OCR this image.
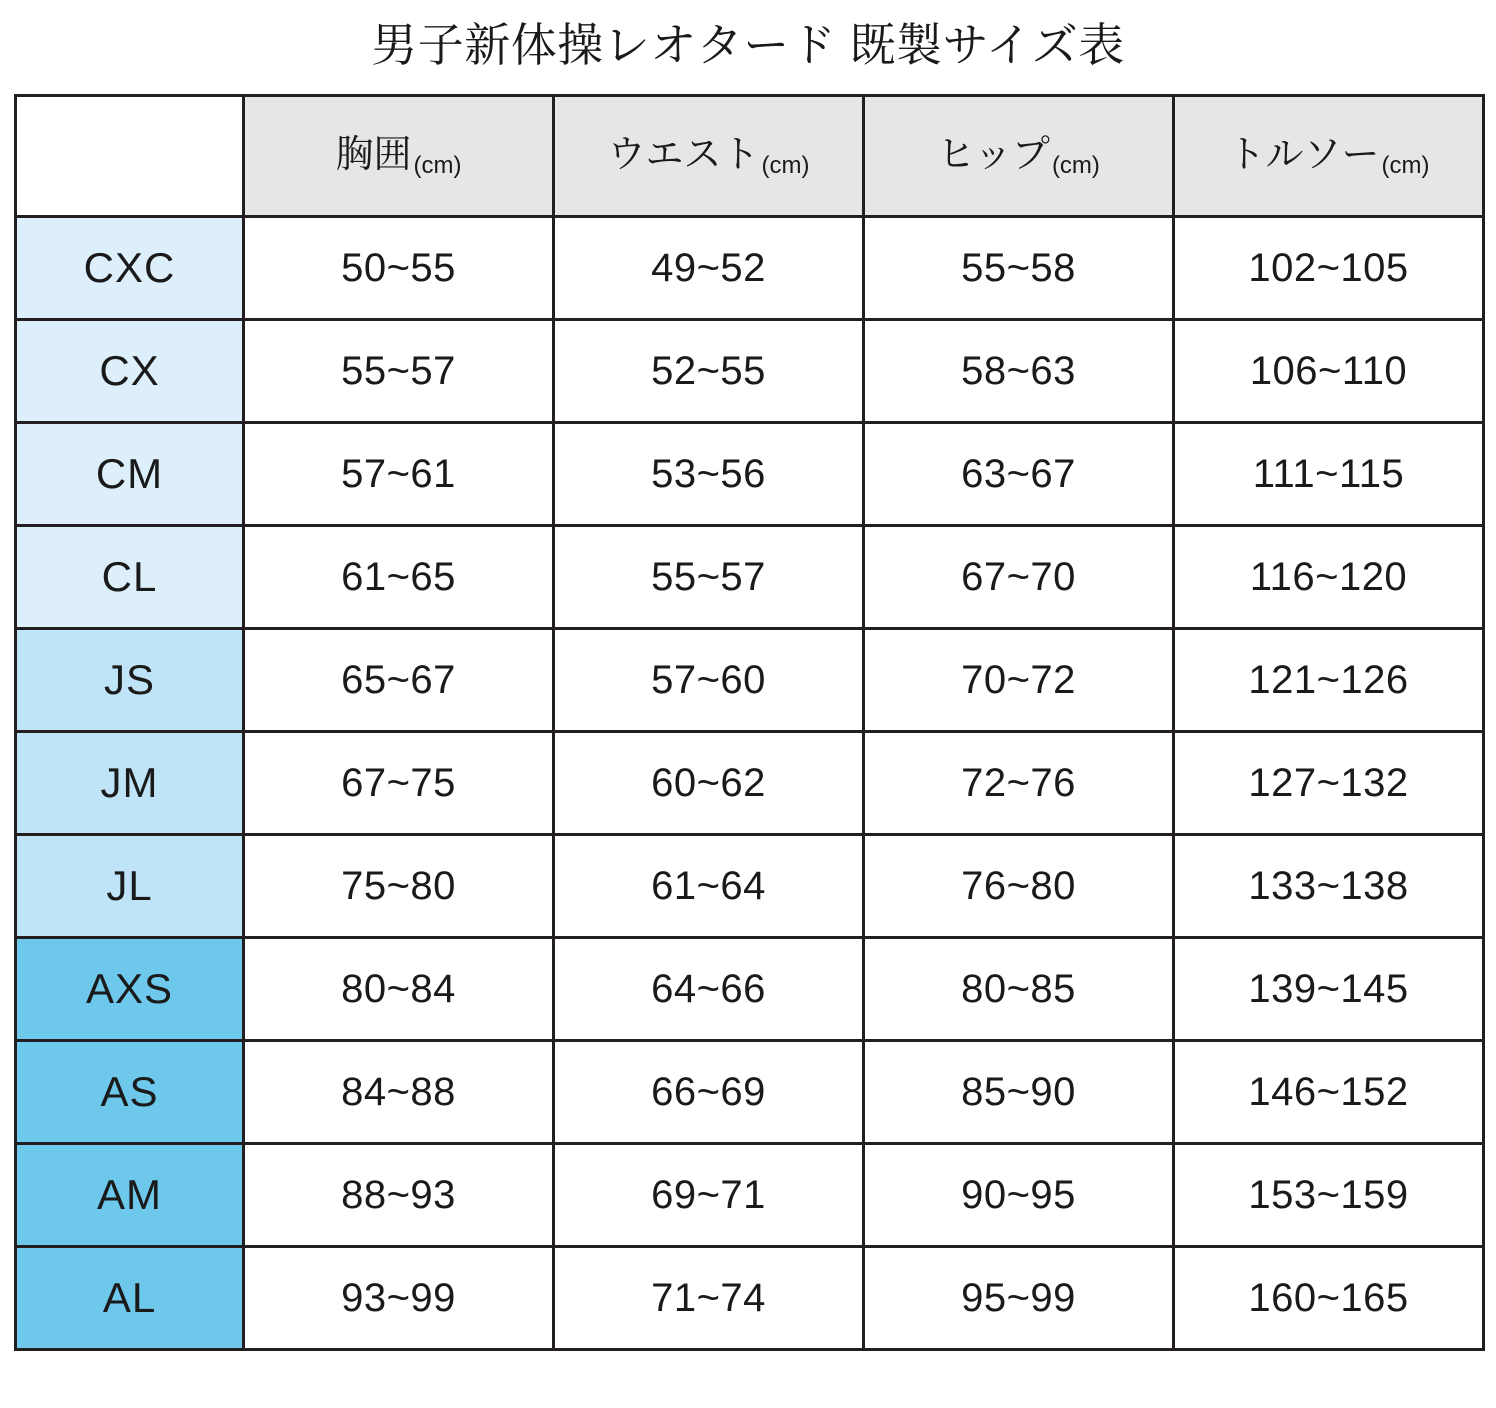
男子新体操レオタード 既製サイズ表
	胸囲(cm)	ウエスト(cm)	ヒップ(cm)	トルソー(cm)
CXC	50~55	49~52	55~58	102~105
CX	55~57	52~55	58~63	106~110
CM	57~61	53~56	63~67	111~115
CL	61~65	55~57	67~70	116~120
JS	65~67	57~60	70~72	121~126
JM	67~75	60~62	72~76	127~132
JL	75~80	61~64	76~80	133~138
AXS	80~84	64~66	80~85	139~145
AS	84~88	66~69	85~90	146~152
AM	88~93	69~71	90~95	153~159
AL	93~99	71~74	95~99	160~165
